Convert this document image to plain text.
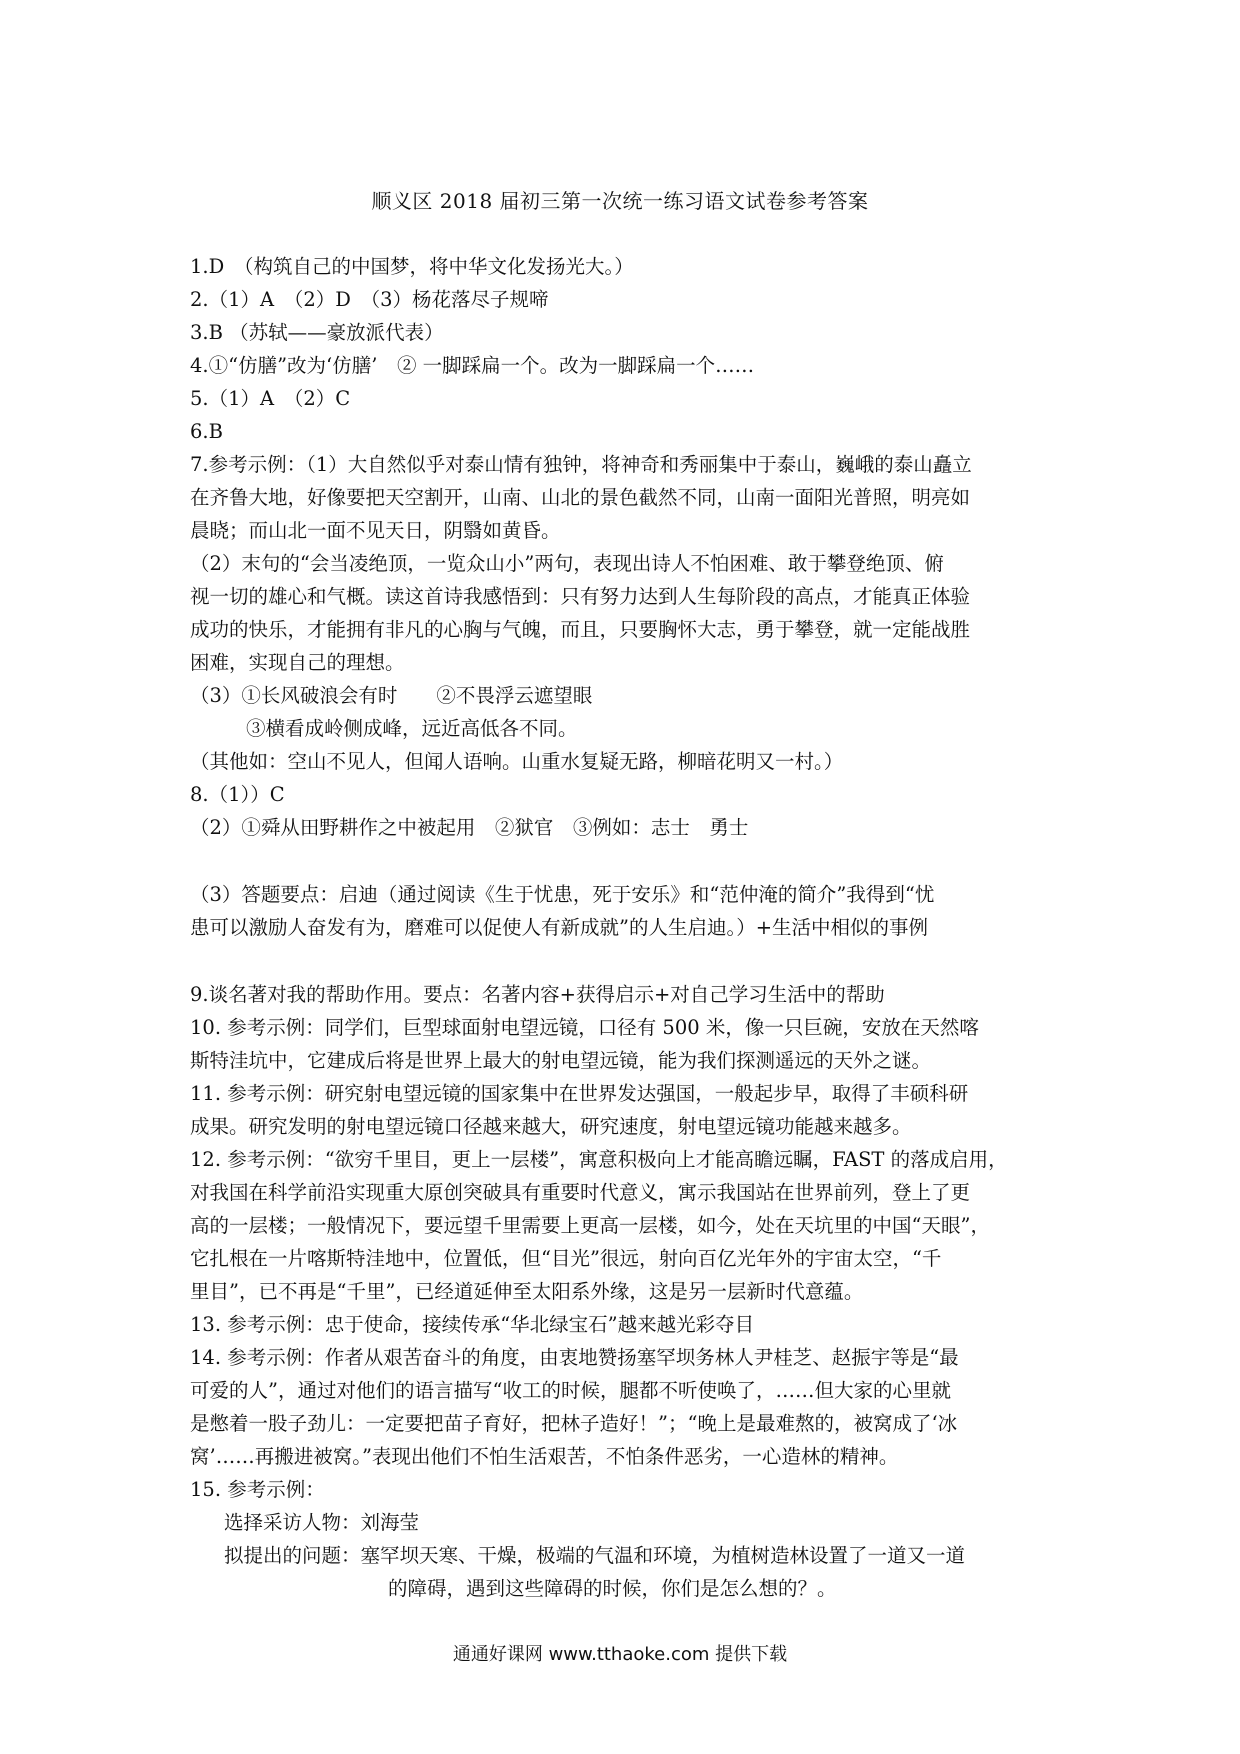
顺义区 2018 届初三第一次统一练习语文试卷参考答案
1.D　（构筑自己的中国梦，将中华文化发扬光大。）
2.（1）A　（2）D　（3）杨花落尽子规啼
3.B （苏轼——豪放派代表）
4.①“仿膳”改为‘仿膳’　② 一脚踩扁一个。改为一脚踩扁一个……
5.（1）A　（2）C
6.B
7.参考示例：（1）大自然似乎对泰山情有独钟，将神奇和秀丽集中于泰山，巍峨的泰山矗立
在齐鲁大地，好像要把天空割开，山南、山北的景色截然不同，山南一面阳光普照，明亮如
晨晓；而山北一面不见天日，阴翳如黄昏。
（2）末句的“会当凌绝顶，一览众山小”两句，表现出诗人不怕困难、敢于攀登绝顶、俯
视一切的雄心和气概。读这首诗我感悟到：只有努力达到人生每阶段的高点，才能真正体验
成功的快乐，才能拥有非凡的心胸与气魄，而且，只要胸怀大志，勇于攀登，就一定能战胜
困难，实现自己的理想。
（3）①长风破浪会有时　　②不畏浮云遮望眼
③横看成岭侧成峰，远近高低各不同。
（其他如：空山不见人，但闻人语响。山重水复疑无路，柳暗花明又一村。）
8.（1））C
（2）①舜从田野耕作之中被起用　②狱官　③例如：志士　勇士
（3）答题要点：启迪（通过阅读《生于忧患，死于安乐》和“范仲淹的简介”我得到“忧
患可以激励人奋发有为，磨难可以促使人有新成就”的人生启迪。）+生活中相似的事例
9.谈名著对我的帮助作用。要点：名著内容+获得启示+对自己学习生活中的帮助
10. 参考示例：同学们，巨型球面射电望远镜，口径有 500 米，像一只巨碗，安放在天然喀
斯特洼坑中，它建成后将是世界上最大的射电望远镜，能为我们探测遥远的天外之谜。
11. 参考示例：研究射电望远镜的国家集中在世界发达强国，一般起步早，取得了丰硕科研
成果。研究发明的射电望远镜口径越来越大，研究速度，射电望远镜功能越来越多。
12. 参考示例：“欲穷千里目，更上一层楼”，寓意积极向上才能高瞻远瞩，FAST 的落成启用，
对我国在科学前沿实现重大原创突破具有重要时代意义，寓示我国站在世界前列，登上了更
高的一层楼；一般情况下，要远望千里需要上更高一层楼，如今，处在天坑里的中国“天眼”，
它扎根在一片喀斯特洼地中，位置低，但“目光”很远，射向百亿光年外的宇宙太空，“千
里目”，已不再是“千里”，已经道延伸至太阳系外缘，这是另一层新时代意蕴。
13. 参考示例：忠于使命，接续传承“华北绿宝石”越来越光彩夺目
14. 参考示例：作者从艰苦奋斗的角度，由衷地赞扬塞罕坝务林人尹桂芝、赵振宇等是“最
可爱的人”，通过对他们的语言描写“收工的时候，腿都不听使唤了，……但大家的心里就
是憋着一股子劲儿：一定要把苗子育好，把林子造好！”；“晚上是最难熬的，被窝成了‘冰
窝’……再搬进被窝。”表现出他们不怕生活艰苦，不怕条件恶劣，一心造林的精神。
15. 参考示例：
选择采访人物：刘海莹
拟提出的问题：塞罕坝天寒、干燥，极端的气温和环境，为植树造林设置了一道又一道
的障碍，遇到这些障碍的时候，你们是怎么想的？。
通通好课网 www.tthaoke.com 提供下载
